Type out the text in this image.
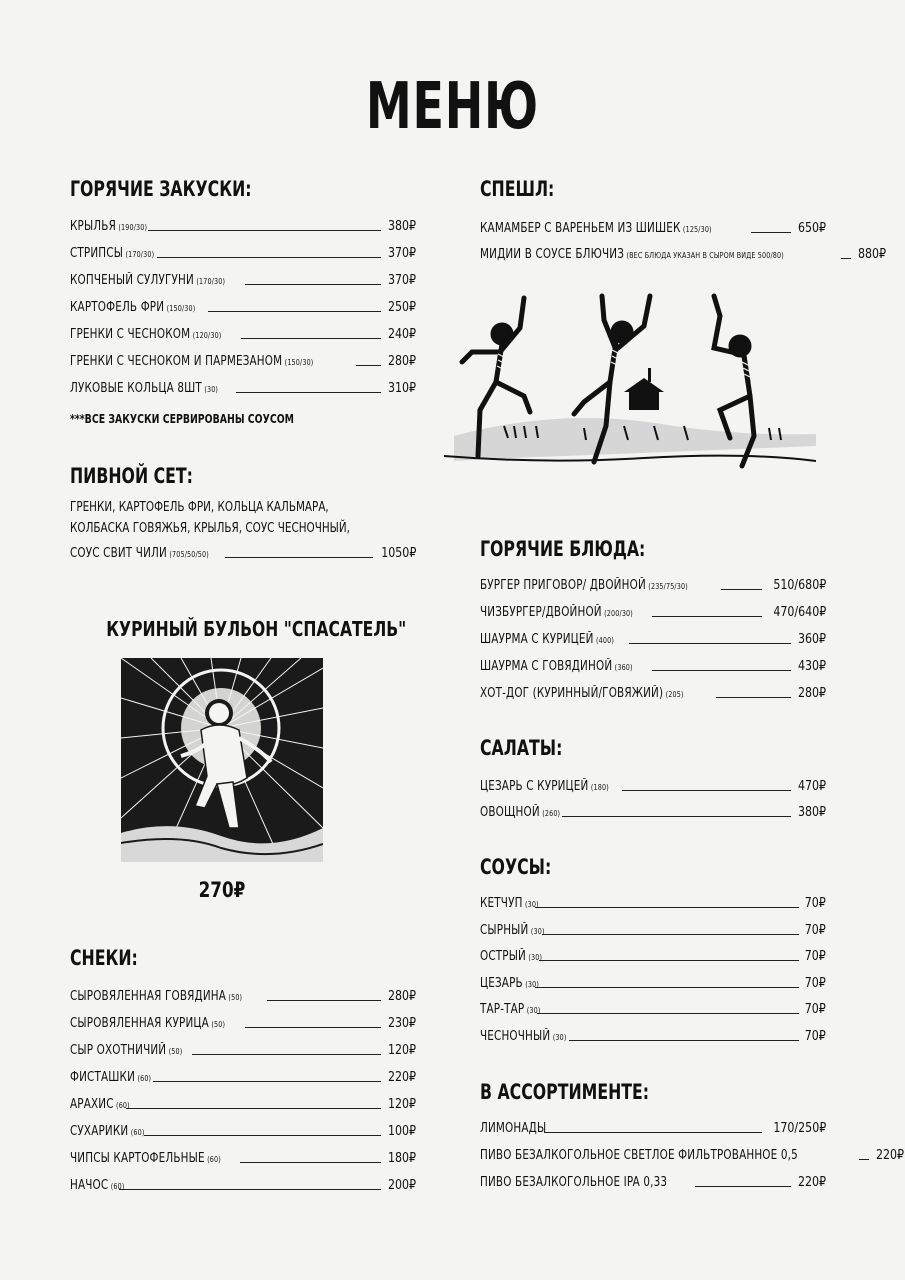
МЕНЮ
ГОРЯЧИЕ ЗАКУСКИ:
КРЫЛЬЯ (190/30)	380₽
СТРИПСЫ (170/30)	370₽
КОПЧЕНЫЙ СУЛУГУНИ (170/30)	370₽
КАРТОФЕЛЬ ФРИ (150/30)	250₽
ГРЕНКИ С ЧЕСНОКОМ (120/30)	240₽
ГРЕНКИ С ЧЕСНОКОМ И ПАРМЕЗАНОМ (150/30)	280₽
ЛУКОВЫЕ КОЛЬЦА 8ШТ (30)	310₽
***ВСЕ ЗАКУСКИ СЕРВИРОВАНЫ СОУСОМ
ПИВНОЙ СЕТ:
ГРЕНКИ, КАРТОФЕЛЬ ФРИ, КОЛЬЦА КАЛЬМАРА,
КОЛБАСКА ГОВЯЖЬЯ, КРЫЛЬЯ, СОУС ЧЕСНОЧНЫЙ,
СОУС СВИТ ЧИЛИ (705/50/50)	1050₽
КУРИНЫЙ БУЛЬОН "СПАСАТЕЛЬ"
270₽
СНЕКИ:
СЫРОВЯЛЕННАЯ ГОВЯДИНА (50)	280₽
СЫРОВЯЛЕННАЯ КУРИЦА (50)	230₽
СЫР ОХОТНИЧИЙ (50)	120₽
ФИСТАШКИ (60)	220₽
АРАХИС (60)	120₽
СУХАРИКИ (60)	100₽
ЧИПСЫ КАРТОФЕЛЬНЫЕ (60)	180₽
НАЧОС (60)	200₽
СПЕШЛ:
КАМАМБЕР С ВАРЕНЬЕМ ИЗ ШИШЕК (125/30)	650₽
МИДИИ В СОУСЕ БЛЮЧИЗ (ВЕС БЛЮДА УКАЗАН В СЫРОМ ВИДЕ 500/80)	880₽
ГОРЯЧИЕ БЛЮДА:
БУРГЕР ПРИГОВОР/ ДВОЙНОЙ (235/75/30)	510/680₽
ЧИЗБУРГЕР/ДВОЙНОЙ (200/30)	470/640₽
ШАУРМА С КУРИЦЕЙ (400)	360₽
ШАУРМА С ГОВЯДИНОЙ (360)	430₽
ХОТ-ДОГ (КУРИННЫЙ/ГОВЯЖИЙ) (205)	280₽
САЛАТЫ:
ЦЕЗАРЬ С КУРИЦЕЙ (180)	470₽
ОВОЩНОЙ (260)	380₽
СОУСЫ:
КЕТЧУП (30)	70₽
СЫРНЫЙ (30)	70₽
ОСТРЫЙ (30)	70₽
ЦЕЗАРЬ (30)	70₽
ТАР-ТАР (30)	70₽
ЧЕСНОЧНЫЙ (30)	70₽
В АССОРТИМЕНТЕ:
ЛИМОНАДЫ	170/250₽
ПИВО БЕЗАЛКОГОЛЬНОЕ СВЕТЛОЕ ФИЛЬТРОВАННОЕ 0,5	220₽
ПИВО БЕЗАЛКОГОЛЬНОЕ IPA 0,33	220₽
